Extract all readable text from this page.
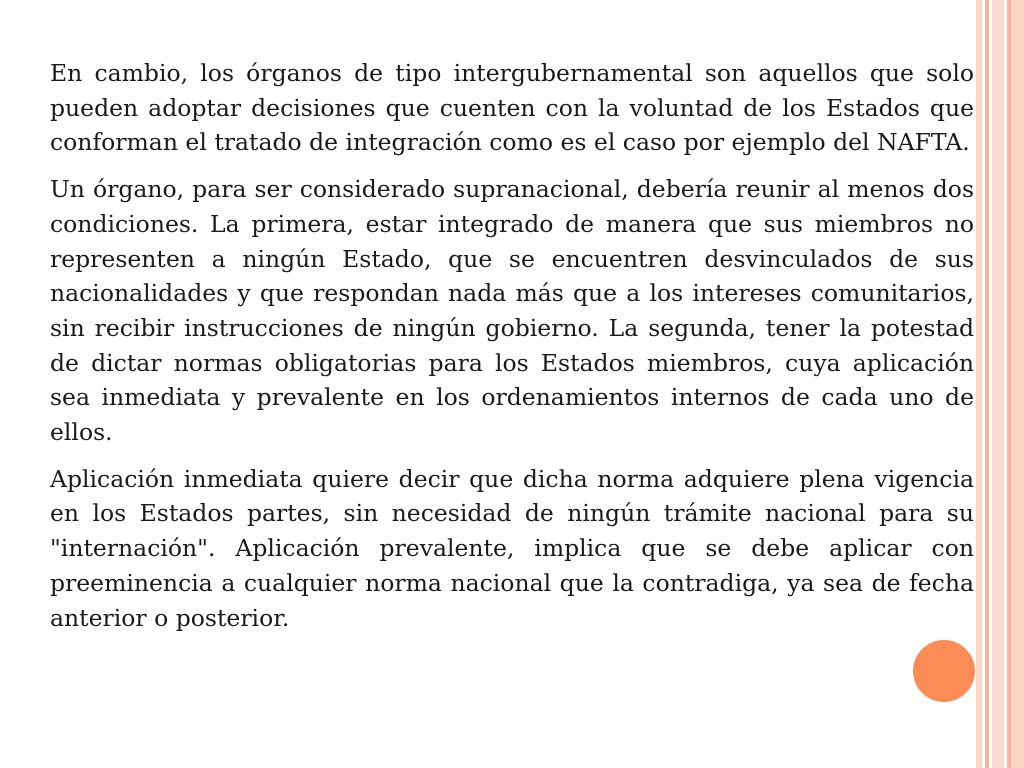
En cambio, los órganos de tipo intergubernamental son aquellos que solo pueden adoptar decisiones que cuenten con la voluntad de los Estados que conforman el tratado de integración como es el caso por ejemplo del NAFTA.

Un órgano, para ser considerado supranacional, debería reunir al menos dos condiciones. La primera, estar integrado de manera que sus miembros no representen a ningún Estado, que se encuentren desvinculados de sus nacionalidades y que respondan nada más que a los intereses comunitarios, sin recibir instrucciones de ningún gobierno. La segunda, tener la potestad de dictar normas obligatorias para los Estados miembros, cuya aplicación sea inmediata y prevalente en los ordenamientos internos de cada uno de ellos.

Aplicación inmediata quiere decir que dicha norma adquiere plena vigencia en los Estados partes, sin necesidad de ningún trámite nacional para su "internación". Aplicación prevalente, implica que se debe aplicar con preeminencia a cualquier norma nacional que la contradiga, ya sea de fecha anterior o posterior.
